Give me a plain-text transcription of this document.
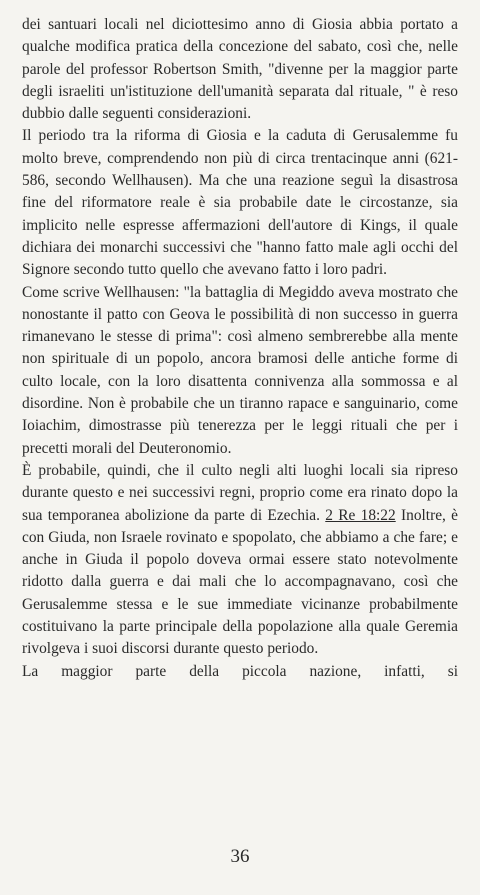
dei santuari locali nel diciottesimo anno di Giosia abbia portato a qualche modifica pratica della concezione del sabato, così che, nelle parole del professor Robertson Smith, "divenne per la maggior parte degli israeliti un'istituzione dell'umanità separata dal rituale, " è reso dubbio dalle seguenti considerazioni.

Il periodo tra la riforma di Giosia e la caduta di Gerusalemme fu molto breve, comprendendo non più di circa trentacinque anni (621-586, secondo Wellhausen). Ma che una reazione seguì la disastrosa fine del riformatore reale è sia probabile date le circostanze, sia implicito nelle espresse affermazioni dell'autore di Kings, il quale dichiara dei monarchi successivi che "hanno fatto male agli occhi del Signore secondo tutto quello che avevano fatto i loro padri.

Come scrive Wellhausen: "la battaglia di Megiddo aveva mostrato che nonostante il patto con Geova le possibilità di non successo in guerra rimanevano le stesse di prima": così almeno sembrerebbe alla mente non spirituale di un popolo, ancora bramosi delle antiche forme di culto locale, con la loro disattenta connivenza alla sommossa e al disordine. Non è probabile che un tiranno rapace e sanguinario, come Ioiachim, dimostrasse più tenerezza per le leggi rituali che per i precetti morali del Deuteronomio.

È probabile, quindi, che il culto negli alti luoghi locali sia ripreso durante questo e nei successivi regni, proprio come era rinato dopo la sua temporanea abolizione da parte di Ezechia. 2 Re 18:22 Inoltre, è con Giuda, non Israele rovinato e spopolato, che abbiamo a che fare; e anche in Giuda il popolo doveva ormai essere stato notevolmente ridotto dalla guerra e dai mali che lo accompagnavano, così che Gerusalemme stessa e le sue immediate vicinanze probabilmente costituivano la parte principale della popolazione alla quale Geremia rivolgeva i suoi discorsi durante questo periodo.

La maggior parte della piccola nazione, infatti, si

36
